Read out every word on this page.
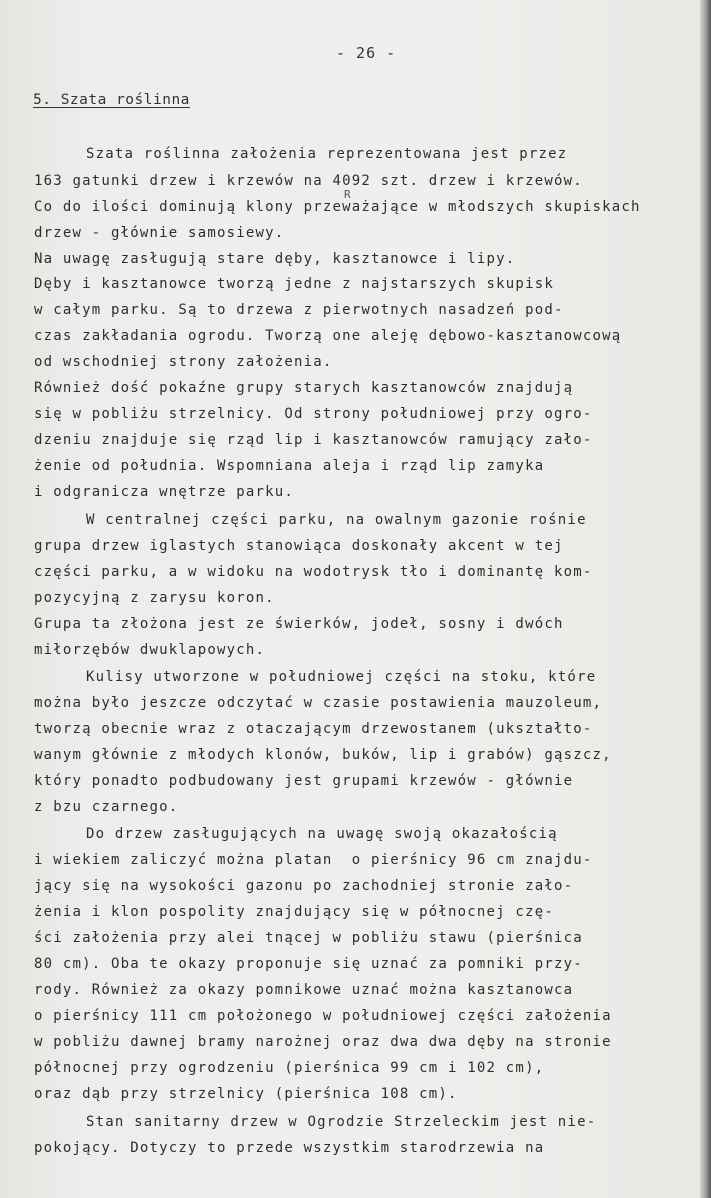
- 26 -
5. Szata roślinna
R
Szata roślinna założenia reprezentowana jest przez
163 gatunki drzew i krzewów na 4092 szt. drzew i krzewów.
Co do ilości dominują klony przeważające w młodszych skupiskach
drzew - głównie samosiewy.
Na uwagę zasługują stare dęby, kasztanowce i lipy.
Dęby i kasztanowce tworzą jedne z najstarszych skupisk
w całym parku. Są to drzewa z pierwotnych nasadzeń pod-
czas zakładania ogrodu. Tworzą one aleję dębowo-kasztanowcową
od wschodniej strony założenia.
Również dość pokaźne grupy starych kasztanowców znajdują
się w pobliżu strzelnicy. Od strony południowej przy ogro-
dzeniu znajduje się rząd lip i kasztanowców ramujący zało-
żenie od południa. Wspomniana aleja i rząd lip zamyka
i odgranicza wnętrze parku.
W centralnej części parku, na owalnym gazonie rośnie
grupa drzew iglastych stanowiąca doskonały akcent w tej
części parku, a w widoku na wodotrysk tło i dominantę kom-
pozycyjną z zarysu koron.
Grupa ta złożona jest ze świerków, jodeł, sosny i dwóch
miłorzębów dwuklapowych.
Kulisy utworzone w południowej części na stoku, które
można było jeszcze odczytać w czasie postawienia mauzoleum,
tworzą obecnie wraz z otaczającym drzewostanem (ukształto-
wanym głównie z młodych klonów, buków, lip i grabów) gąszcz,
który ponadto podbudowany jest grupami krzewów - głównie
z bzu czarnego.
Do drzew zasługujących na uwagę swoją okazałością
i wiekiem zaliczyć można platan  o pierśnicy 96 cm znajdu-
jący się na wysokości gazonu po zachodniej stronie zało-
żenia i klon pospolity znajdujący się w północnej czę-
ści założenia przy alei tnącej w pobliżu stawu (pierśnica
80 cm). Oba te okazy proponuje się uznać za pomniki przy-
rody. Również za okazy pomnikowe uznać można kasztanowca
o pierśnicy 111 cm położonego w południowej części założenia
w pobliżu dawnej bramy narożnej oraz dwa dwa dęby na stronie
północnej przy ogrodzeniu (pierśnica 99 cm i 102 cm),
oraz dąb przy strzelnicy (pierśnica 108 cm).
Stan sanitarny drzew w Ogrodzie Strzeleckim jest nie-
pokojący. Dotyczy to przede wszystkim starodrzewia na
